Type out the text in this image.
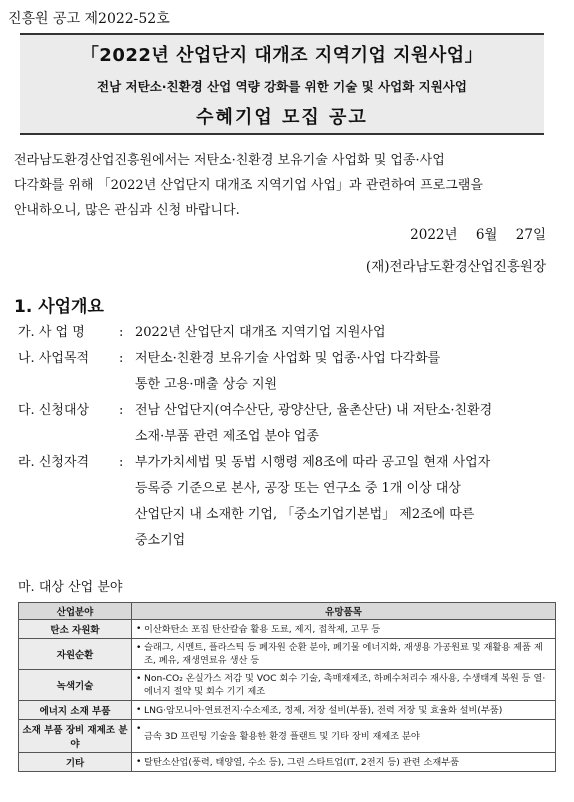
진흥원 공고 제2022-52호
「2022년 산업단지 대개조 지역기업 지원사업」
전남 저탄소·친환경 산업 역량 강화를 위한 기술 및 사업화 지원사업
수혜기업 모집 공고

전라남도환경산업진흥원에서는 저탄소·친환경 보유기술 사업화 및 업종·사업

다각화를 위해 「2022년 산업단지 대개조 지역기업 사업」과 관련하여 프로그램을

안내하오니, 많은 관심과 신청 바랍니다.

2022년 6월 27일
(재)전라남도환경산업진흥원장
1. 사업개요
가. 사 업 명	: 2022년 산업단지 대개조 지역기업 지원사업

나. 사업목적	: 저탄소·친환경 보유기술 사업화 및 업종·사업 다각화를

통한 고용·매출 상승 지원

다. 신청대상	: 전남 산업단지(여수산단, 광양산단, 율촌산단) 내 저탄소·친환경

소재·부품 관련 제조업 분야 업종

라. 신청자격	: 부가가치세법 및 동법 시행령 제8조에 따라 공고일 현재 사업자

등록증 기준으로 본사, 공장 또는 연구소 중 1개 이상 대상

산업단지 내 소재한 기업, 「중소기업기본법」 제2조에 따른

중소기업

마. 대상 산업 분야
산업분야	유망품목
탄소 자원화	• 이산화탄소 포집 탄산칼슘 활용 도료, 제지, 접착제, 고무 등
자원순환	• 슬래그, 시멘트, 플라스틱 등 폐자원 순환 분야, 폐기물 에너지화, 재생용 가공원료 및 재활용 제품 제조, 폐유, 재생연료유 생산 등
녹색기술	• Non-CO₂ 온실가스 저감 및 VOC 회수 기술, 촉매재제조, 하폐수처리수 재사용, 수생태계 복원 등 열·에너지 절약 및 회수 기기 제조
에너지 소재 부품	• LNG·암모니아·연료전지·수소제조, 정제, 저장 설비(부품), 전력 저장 및 효율화 설비(부품)
소재 부품 장비 재제조 분야	• 금속 3D 프린팅 기술을 활용한 환경 플랜트 및 기타 장비 재제조 분야
기타	• 탈탄소산업(풍력, 태양열, 수소 등), 그린 스타트업(IT, 2전지 등) 관련 소재부품
